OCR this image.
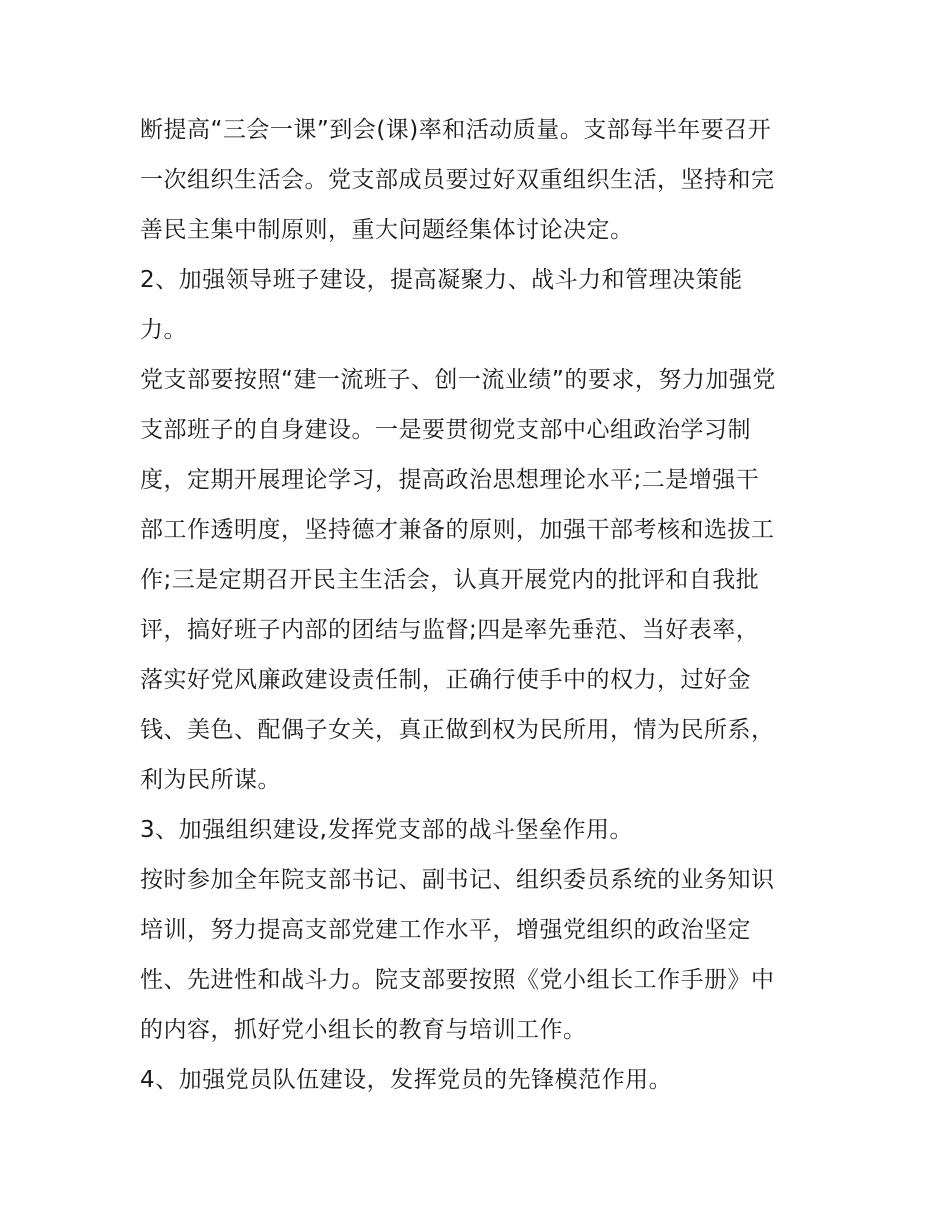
断提高“三会一课”到会(课)率和活动质量。支部每半年要召开
一次组织生活会。党支部成员要过好双重组织生活，坚持和完
善民主集中制原则，重大问题经集体讨论决定。
2、加强领导班子建设，提高凝聚力、战斗力和管理决策能
力。
党支部要按照“建一流班子、创一流业绩”的要求，努力加强党
支部班子的自身建设。一是要贯彻党支部中心组政治学习制
度，定期开展理论学习，提高政治思想理论水平;二是增强干
部工作透明度，坚持德才兼备的原则，加强干部考核和选拔工
作;三是定期召开民主生活会，认真开展党内的批评和自我批
评，搞好班子内部的团结与监督;四是率先垂范、当好表率，
落实好党风廉政建设责任制，正确行使手中的权力，过好金
钱、美色、配偶子女关，真正做到权为民所用，情为民所系，
利为民所谋。
3、加强组织建设,发挥党支部的战斗堡垒作用。
按时参加全年院支部书记、副书记、组织委员系统的业务知识
培训，努力提高支部党建工作水平，增强党组织的政治坚定
性、先进性和战斗力。院支部要按照《党小组长工作手册》中
的内容，抓好党小组长的教育与培训工作。
4、加强党员队伍建设，发挥党员的先锋模范作用。
